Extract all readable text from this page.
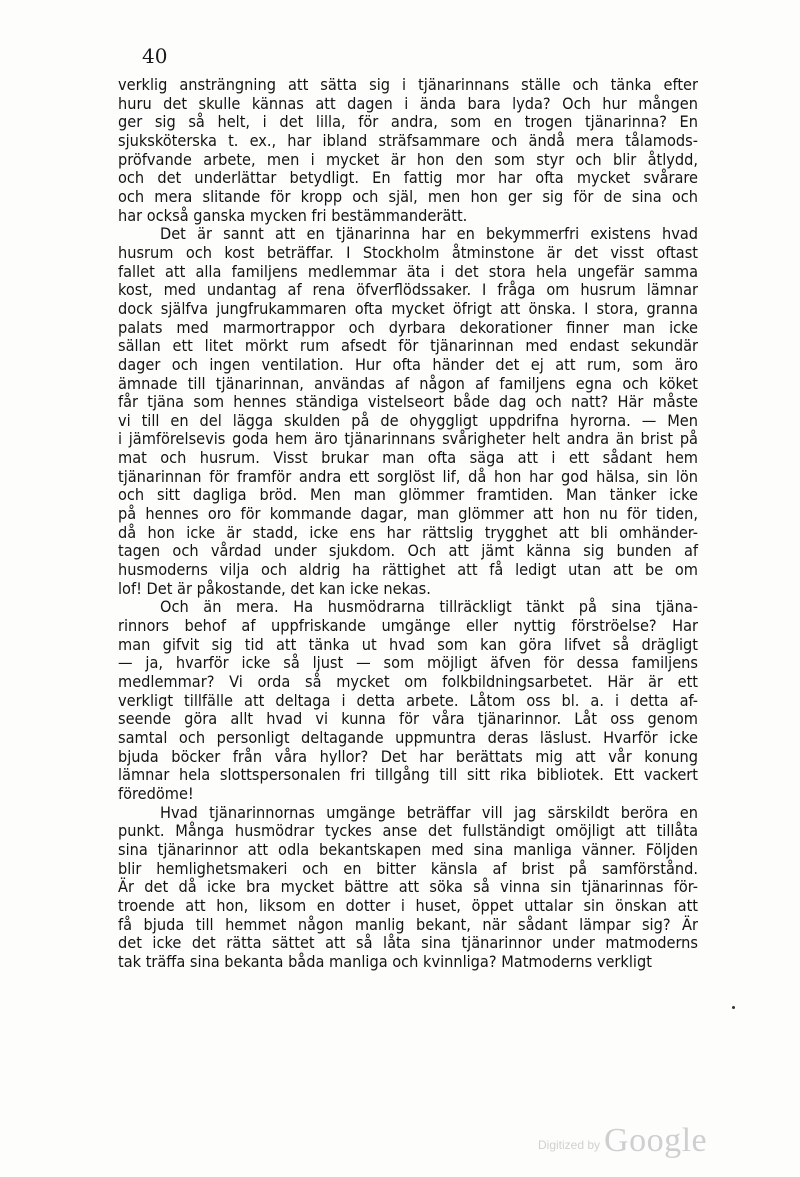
40

verklig ansträngning att sätta sig i tjänarinnans ställe och tänka efter
huru det skulle kännas att dagen i ända bara lyda? Och hur mången
ger sig så helt, i det lilla, för andra, som en trogen tjänarinna? En
sjuksköterska t. ex., har ibland sträfsammare och ändå mera tålamods-
pröfvande arbete, men i mycket är hon den som styr och blir åtlydd,
och det underlättar betydligt. En fattig mor har ofta mycket svårare
och mera slitande för kropp och själ, men hon ger sig för de sina och
har också ganska mycken fri bestämmanderätt.

Det är sannt att en tjänarinna har en bekymmerfri existens hvad
husrum och kost beträffar. I Stockholm åtminstone är det visst oftast
fallet att alla familjens medlemmar äta i det stora hela ungefär samma
kost, med undantag af rena öfverflödssaker. I fråga om husrum lämnar
dock själfva jungfrukammaren ofta mycket öfrigt att önska. I stora, granna
palats med marmortrappor och dyrbara dekorationer finner man icke
sällan ett litet mörkt rum afsedt för tjänarinnan med endast sekundär
dager och ingen ventilation. Hur ofta händer det ej att rum, som äro
ämnade till tjänarinnan, användas af någon af familjens egna och köket
får tjäna som hennes ständiga vistelseort både dag och natt? Här måste
vi till en del lägga skulden på de ohyggligt uppdrifna hyrorna. — Men
i jämförelsevis goda hem äro tjänarinnans svårigheter helt andra än brist på
mat och husrum. Visst brukar man ofta säga att i ett sådant hem
tjänarinnan för framför andra ett sorglöst lif, då hon har god hälsa, sin lön
och sitt dagliga bröd. Men man glömmer framtiden. Man tänker icke
på hennes oro för kommande dagar, man glömmer att hon nu för tiden,
då hon icke är stadd, icke ens har rättslig trygghet att bli omhänder-
tagen och vårdad under sjukdom. Och att jämt känna sig bunden af
husmoderns vilja och aldrig ha rättighet att få ledigt utan att be om
lof! Det är påkostande, det kan icke nekas.

Och än mera. Ha husmödrarna tillräckligt tänkt på sina tjäna-
rinnors behof af uppfriskande umgänge eller nyttig förströelse? Har
man gifvit sig tid att tänka ut hvad som kan göra lifvet så drägligt
— ja, hvarför icke så ljust — som möjligt äfven för dessa familjens
medlemmar? Vi orda så mycket om folkbildningsarbetet. Här är ett
verkligt tillfälle att deltaga i detta arbete. Låtom oss bl. a. i detta af-
seende göra allt hvad vi kunna för våra tjänarinnor. Låt oss genom
samtal och personligt deltagande uppmuntra deras läslust. Hvarför icke
bjuda böcker från våra hyllor? Det har berättats mig att vår konung
lämnar hela slottspersonalen fri tillgång till sitt rika bibliotek. Ett vackert
föredöme!

Hvad tjänarinnornas umgänge beträffar vill jag särskildt beröra en
punkt. Många husmödrar tyckes anse det fullständigt omöjligt att tillåta
sina tjänarinnor att odla bekantskapen med sina manliga vänner. Följden
blir hemlighetsmakeri och en bitter känsla af brist på samförstånd.
Är det då icke bra mycket bättre att söka så vinna sin tjänarinnas för-
troende att hon, liksom en dotter i huset, öppet uttalar sin önskan att
få bjuda till hemmet någon manlig bekant, när sådant lämpar sig? Är
det icke det rätta sättet att så låta sina tjänarinnor under matmoderns
tak träffa sina bekanta båda manliga och kvinnliga? Matmoderns verkligt

Digitized by Google
